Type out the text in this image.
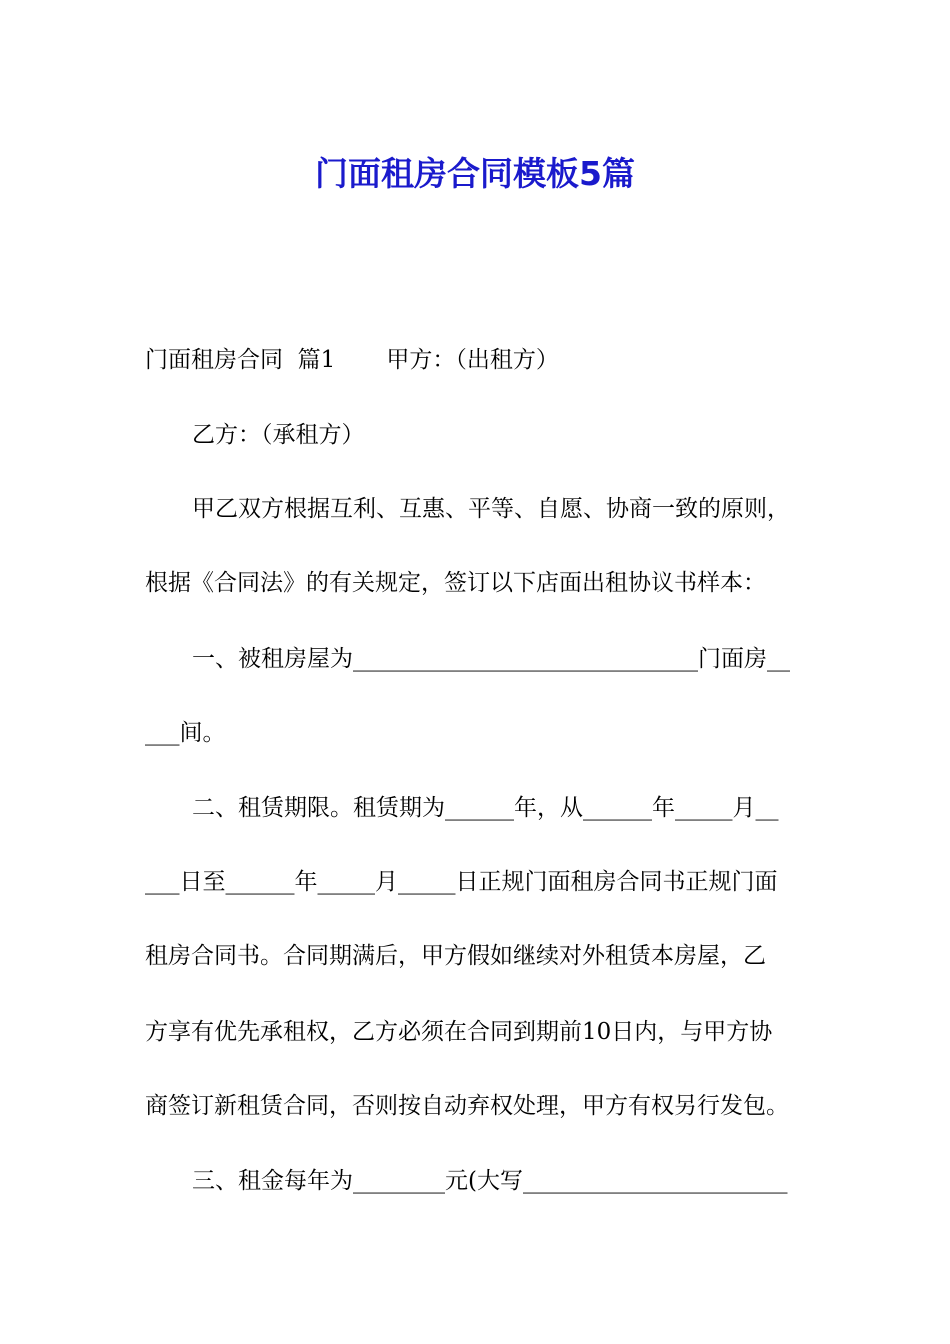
门面租房合同模板5篇
门面租房合同  篇1       甲方：（出租方）
乙方：（承租方）
甲乙双方根据互利、互惠、平等、自愿、协商一致的原则，
根据《合同法》的有关规定，签订以下店面出租协议书样本：
一、被租房屋为______________________________门面房__
___间。
二、租赁期限。租赁期为______年，从______年_____月__
___日至______年_____月_____日正规门面租房合同书正规门面
租房合同书。合同期满后，甲方假如继续对外租赁本房屋，乙
方享有优先承租权，乙方必须在合同到期前10日内，与甲方协
商签订新租赁合同，否则按自动弃权处理，甲方有权另行发包。
三、租金每年为________元(大写_______________________
